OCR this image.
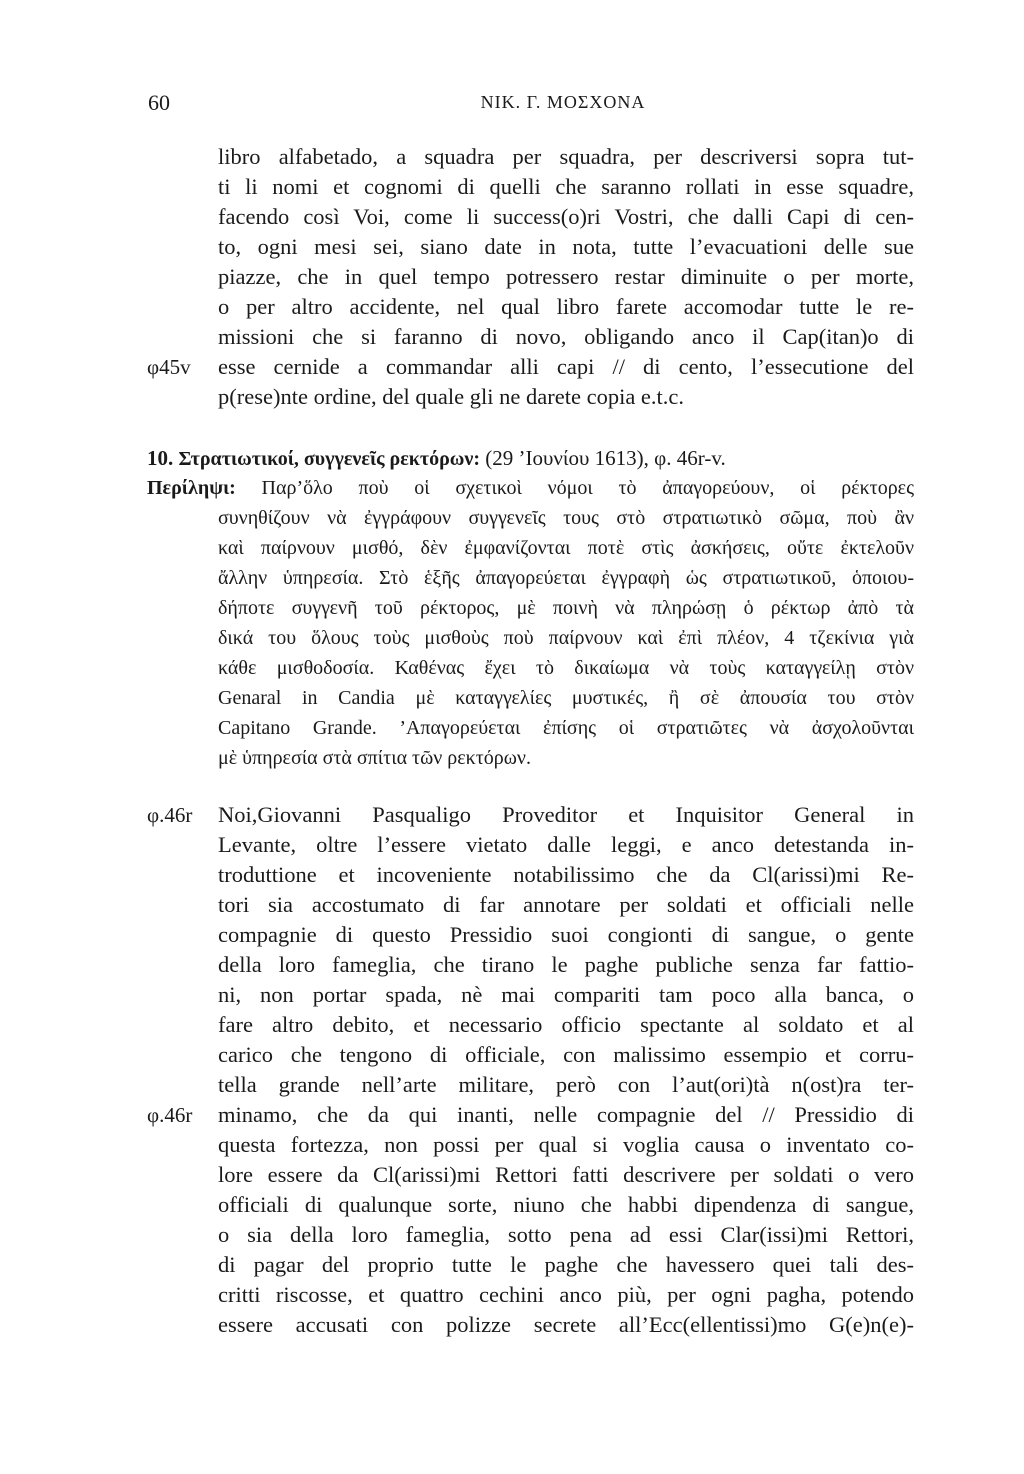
60	ΝΙΚ. Γ. ΜΟΣΧΟΝΑ
libro alfabetado, a squadra per squadra, per descriversi sopra tut-
ti li nomi et cognomi di quelli che saranno rollati in esse squadre,
facendo così Voi, come li success(o)ri Vostri, che dalli Capi di cen-
to, ogni mesi sei, siano date in nota, tutte l’evacuationi delle sue
piazze, che in quel tempo potressero restar diminuite o per morte,
o per altro accidente, nel qual libro farete accomodar tutte le re-
missioni che si faranno di novo, obligando anco il Cap(itan)o di
esse cernide a commandar alli capi // di cento, l’essecutione del
p(rese)nte ordine, del quale gli ne darete copia e.t.c.
φ45v
10. Στρατιωτικοί, συγγενεῖς ρεκτόρων: (29 ’Ιουνίου 1613), φ. 46r-v.
Περίληψι: Παρ’ὅλο ποὺ οἱ σχετικοὶ νόμοι τὸ ἀπαγορεύουν, οἱ ρέκτορες
συνηθίζουν νὰ ἐγγράφουν συγγενεῖς τους στὸ στρατιωτικὸ σῶμα, ποὺ ἂν
καὶ παίρνουν μισθό, δὲν ἐμφανίζονται ποτὲ στὶς ἀσκήσεις, οὔτε ἐκτελοῦν
ἄλλην ὑπηρεσία. Στὸ ἑξῆς ἀπαγορεύεται ἐγγραφὴ ὡς στρατιωτικοῦ, ὁποιου-
δήποτε συγγενῆ τοῦ ρέκτορος, μὲ ποινὴ νὰ πληρώσῃ ὁ ρέκτωρ ἀπὸ τὰ
δικά του ὅλους τοὺς μισθοὺς ποὺ παίρνουν καὶ ἐπὶ πλέον, 4 τζεκίνια γιὰ
κάθε μισθοδοσία. Καθένας ἔχει τὸ δικαίωμα νὰ τοὺς καταγγείλῃ στὸν
Genaral in Candia μὲ καταγγελίες μυστικές, ἢ σὲ ἀπουσία του στὸν
Capitano Grande. ’Απαγορεύεται ἐπίσης οἱ στρατιῶτες νὰ ἀσχολοῦνται
μὲ ὑπηρεσία στὰ σπίτια τῶν ρεκτόρων.
φ.46r Noi,Giovanni Pasqualigo Proveditor et Inquisitor General in
Levante, oltre l’essere vietato dalle leggi, e anco detestanda in-
troduttione et incoveniente notabilissimo che da Cl(arissi)mi Re-
tori sia accostumato di far annotare per soldati et officiali nelle
compagnie di questo Pressidio suoi congionti di sangue, o gente
della loro fameglia, che tirano le paghe publiche senza far fattio-
ni, non portar spada, nè mai compariti tam poco alla banca, o
fare altro debito, et necessario officio spectante al soldato et al
carico che tengono di officiale, con malissimo essempio et corru-
tella grande nell’arte militare, però con l’aut(ori)tà n(ost)ra ter-
φ.46r minamo, che da qui inanti, nelle compagnie del // Pressidio di
questa fortezza, non possi per qual si voglia causa o inventato co-
lore essere da Cl(arissi)mi Rettori fatti descrivere per soldati o vero
officiali di qualunque sorte, niuno che habbi dipendenza di sangue,
o sia della loro fameglia, sotto pena ad essi Clar(issi)mi Rettori,
di pagar del proprio tutte le paghe che havessero quei tali des-
critti riscosse, et quattro cechini anco più, per ogni pagha, potendo
essere accusati con polizze secrete all’Ecc(ellentissi)mo G(e)n(e)-
